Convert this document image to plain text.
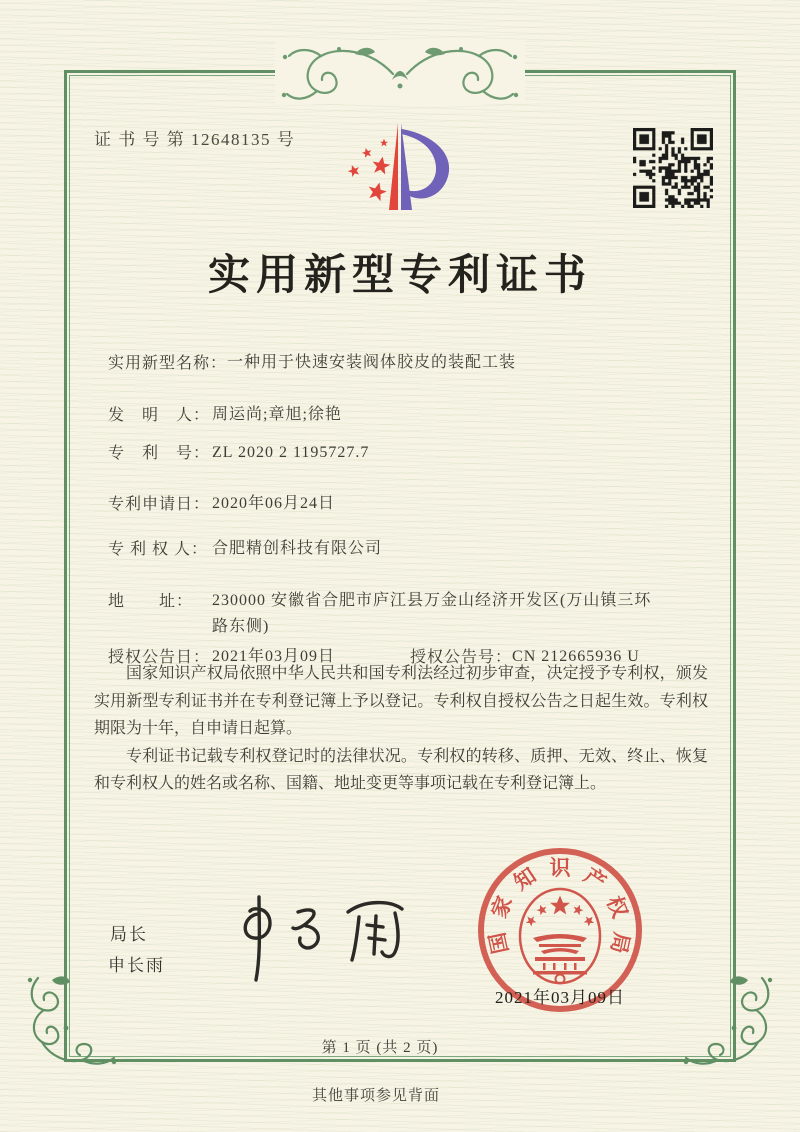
证 书 号 第 12648135 号
实用新型专利证书
实用新型名称：一种用于快速安装阀体胶皮的装配工装
发　明　人： 周运尚;章旭;徐艳
专　利　号： ZL 2020 2 1195727.7
专利申请日： 2020年06月24日
专 利 权 人： 合肥精创科技有限公司
地　　址： 230000 安徽省合肥市庐江县万金山经济开发区(万山镇三环路东侧)
授权公告日： 2021年03月09日	授权公告号：CN 212665936 U

国家知识产权局依照中华人民共和国专利法经过初步审查，决定授予专利权，颁发实用新型专利证书并在专利登记簿上予以登记。专利权自授权公告之日起生效。专利权期限为十年，自申请日起算。

专利证书记载专利权登记时的法律状况。专利权的转移、质押、无效、终止、恢复和专利权人的姓名或名称、国籍、地址变更等事项记载在专利登记簿上。

局长
申长雨
国
家
知 识 产
权
局
2021年03月09日
第 1 页 (共 2 页)
其他事项参见背面
